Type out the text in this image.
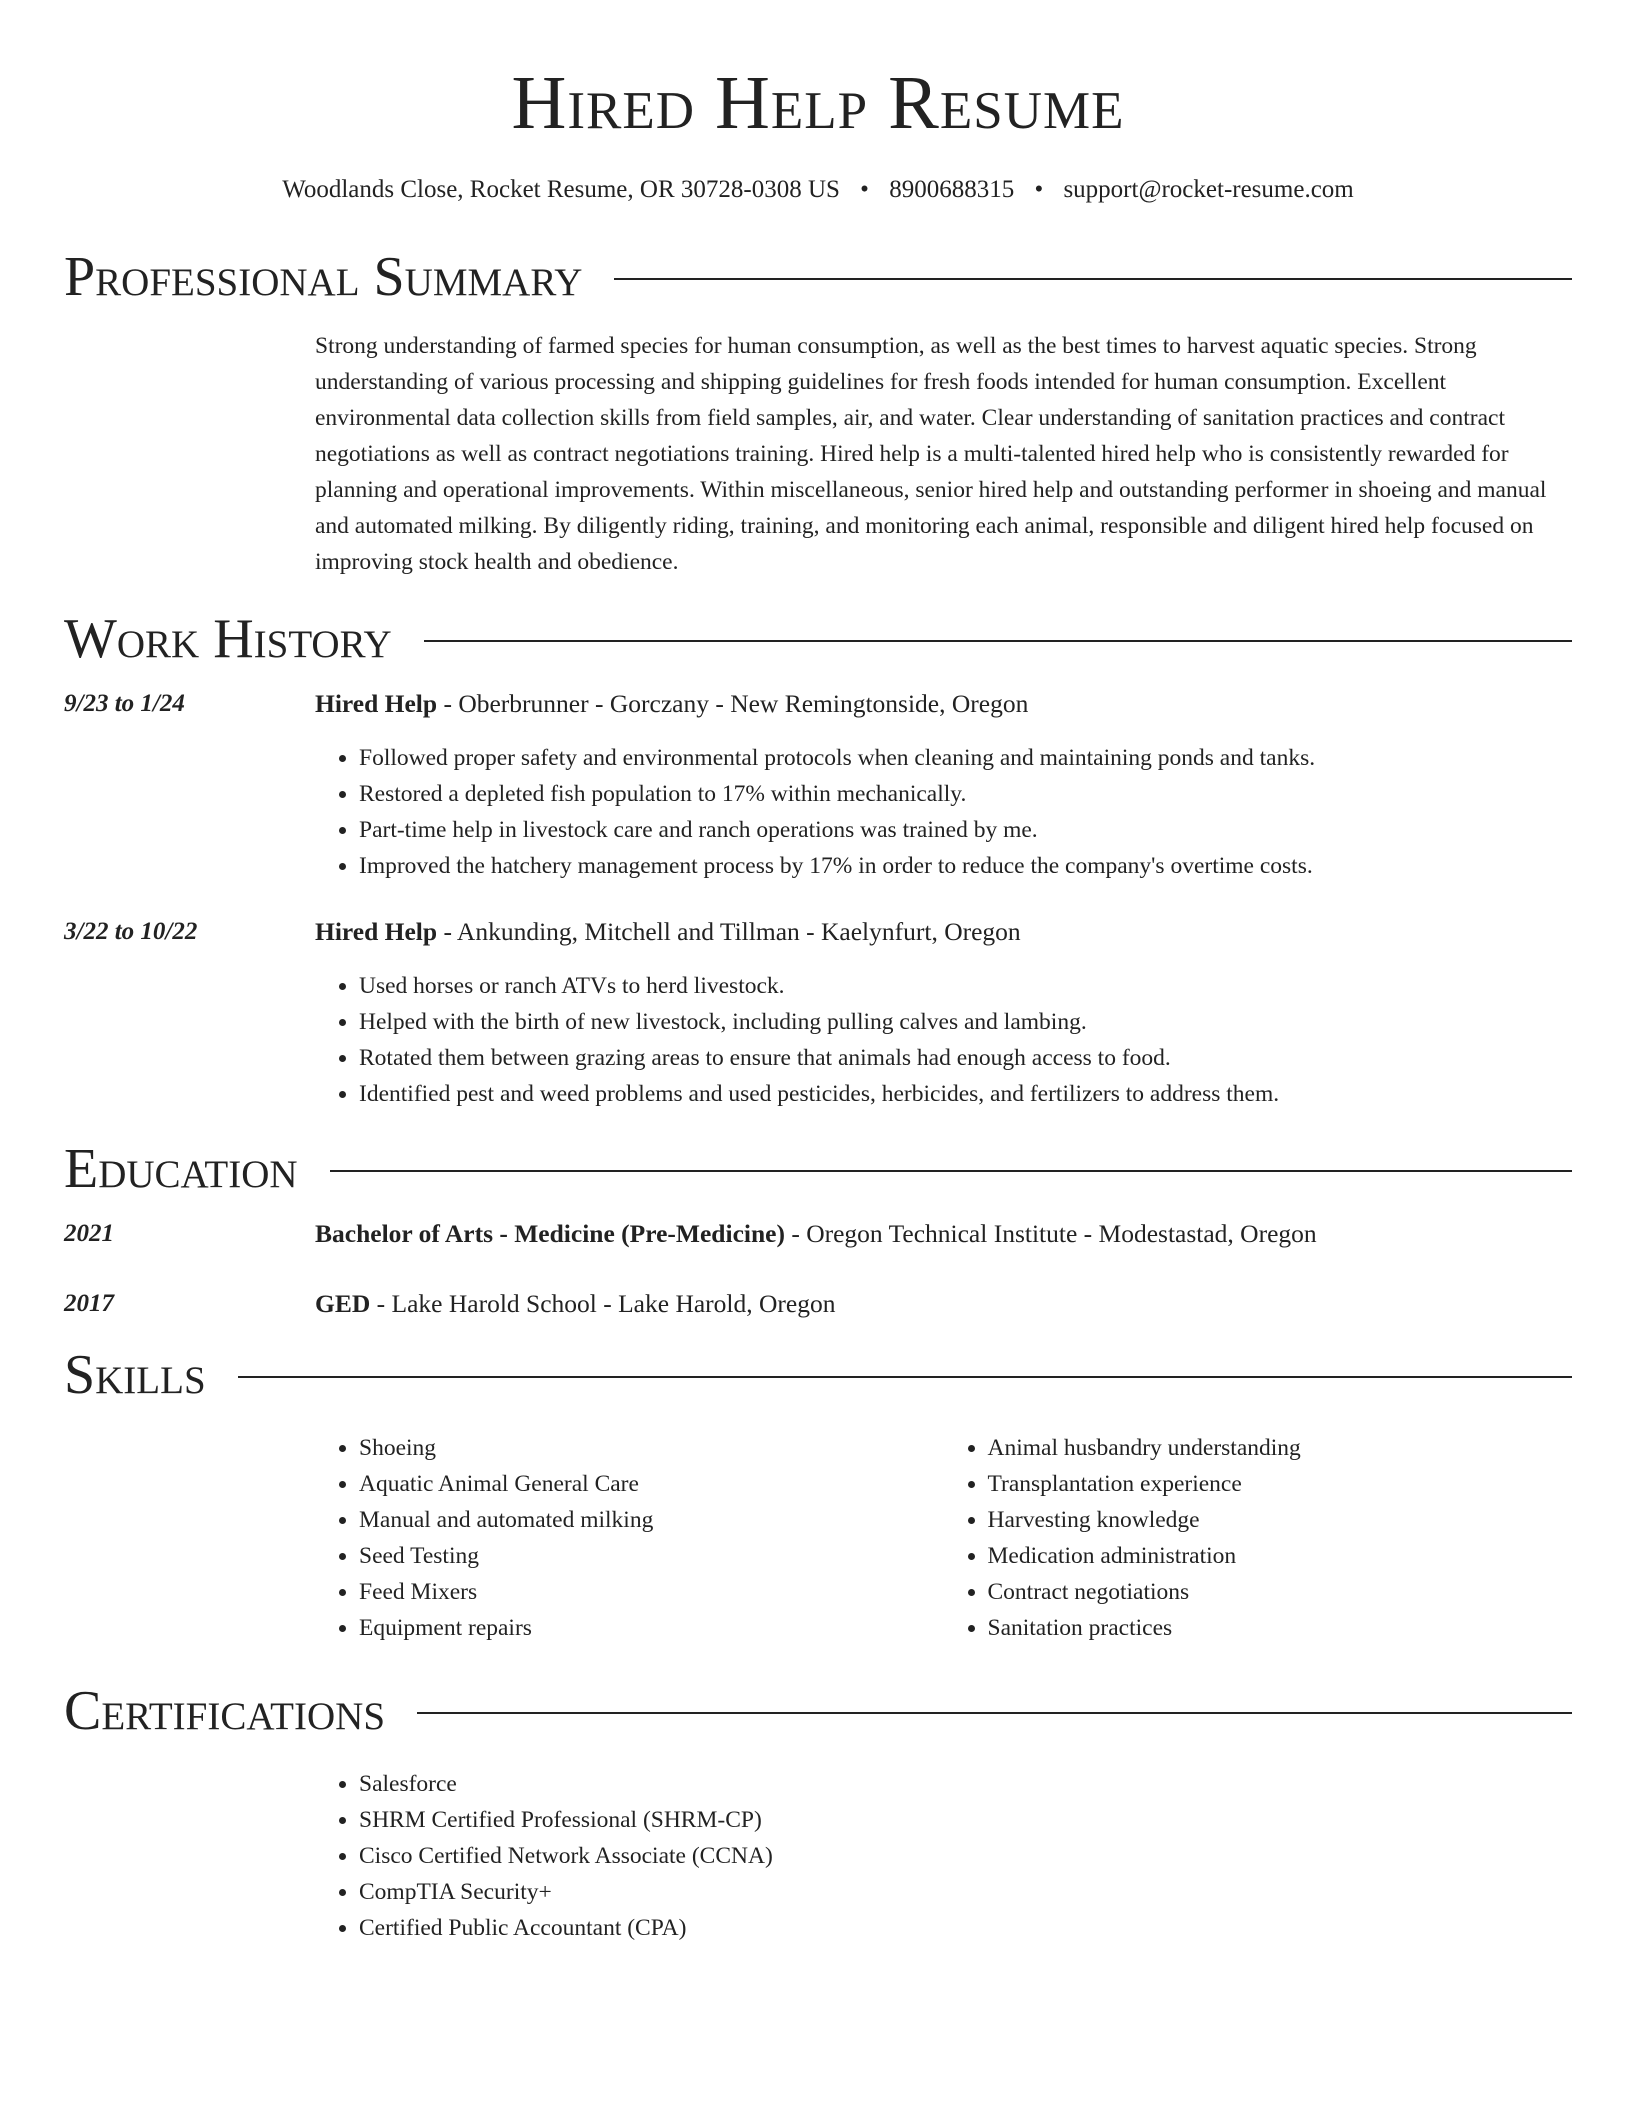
Hired Help Resume
Woodlands Close, Rocket Resume, OR 30728-0308 US • 8900688315 • support@rocket-resume.com
Professional Summary

Strong understanding of farmed species for human consumption, as well as the best times to harvest aquatic species. Strong understanding of various processing and shipping guidelines for fresh foods intended for human consumption. Excellent environmental data collection skills from field samples, air, and water. Clear understanding of sanitation practices and contract negotiations as well as contract negotiations training. Hired help is a multi-talented hired help who is consistently rewarded for planning and operational improvements. Within miscellaneous, senior hired help and outstanding performer in shoeing and manual and automated milking. By diligently riding, training, and monitoring each animal, responsible and diligent hired help focused on improving stock health and obedience.

Work History
9/23 to 1/24	Hired Help - Oberbrunner - Gorczany - New Remingtonside, Oregon
• Followed proper safety and environmental protocols when cleaning and maintaining ponds and tanks.
• Restored a depleted fish population to 17% within mechanically.
• Part-time help in livestock care and ranch operations was trained by me.
• Improved the hatchery management process by 17% in order to reduce the company's overtime costs.
3/22 to 10/22	Hired Help - Ankunding, Mitchell and Tillman - Kaelynfurt, Oregon
• Used horses or ranch ATVs to herd livestock.
• Helped with the birth of new livestock, including pulling calves and lambing.
• Rotated them between grazing areas to ensure that animals had enough access to food.
• Identified pest and weed problems and used pesticides, herbicides, and fertilizers to address them.
Education
2021	Bachelor of Arts - Medicine (Pre-Medicine) - Oregon Technical Institute - Modestastad, Oregon
2017	GED - Lake Harold School - Lake Harold, Oregon
Skills
• Shoeing
• Aquatic Animal General Care
• Manual and automated milking
• Seed Testing
• Feed Mixers
• Equipment repairs
• Animal husbandry understanding
• Transplantation experience
• Harvesting knowledge
• Medication administration
• Contract negotiations
• Sanitation practices
Certifications
• Salesforce
• SHRM Certified Professional (SHRM-CP)
• Cisco Certified Network Associate (CCNA)
• CompTIA Security+
• Certified Public Accountant (CPA)
